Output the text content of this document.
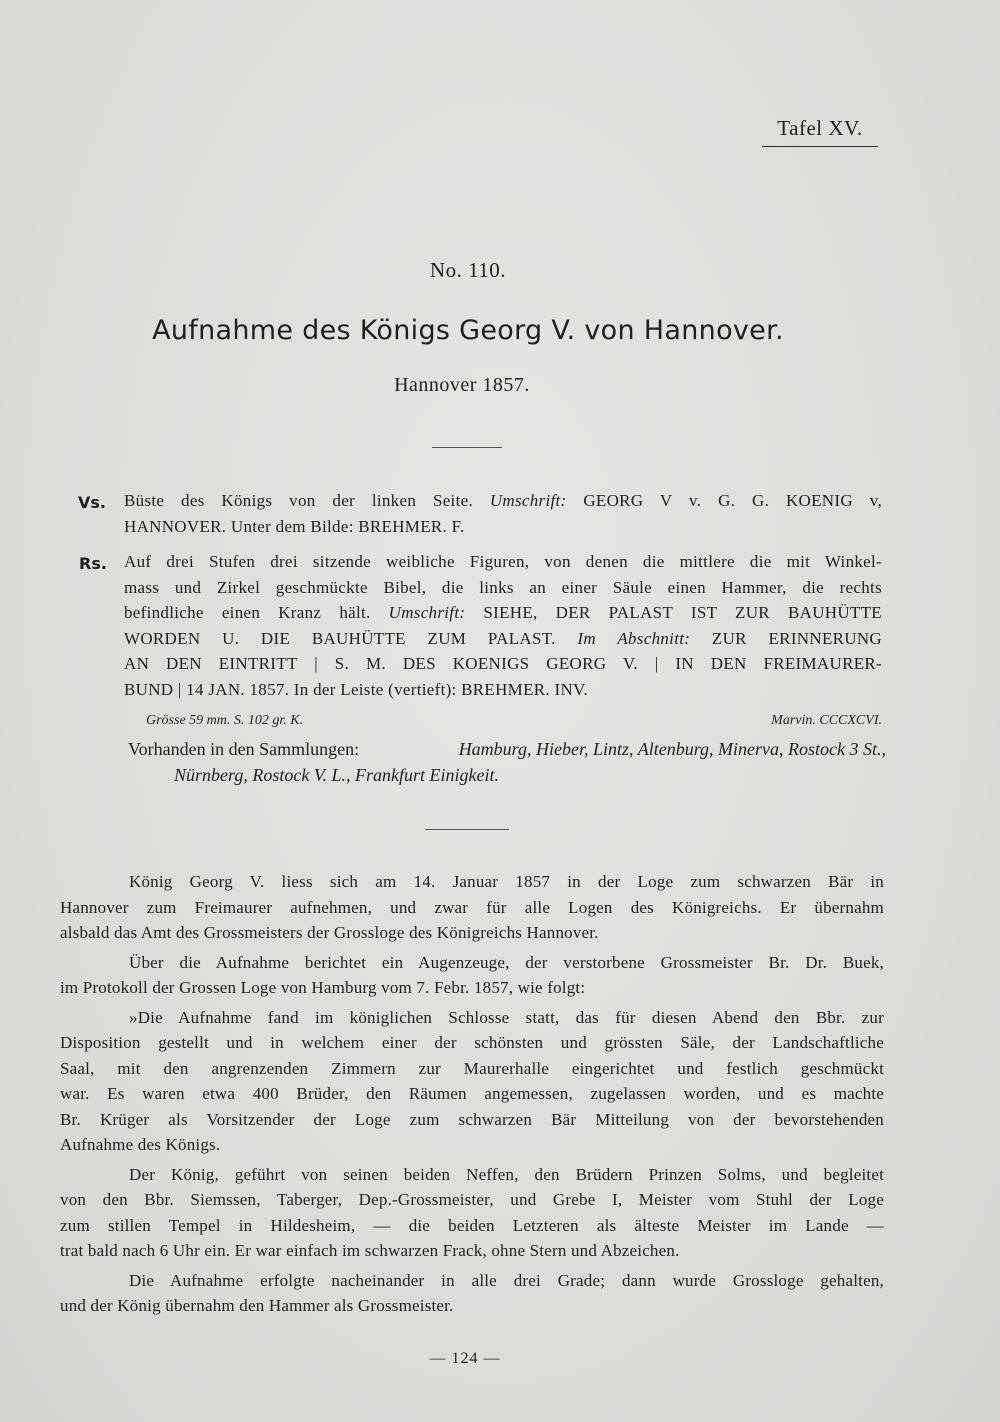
Tafel XV.
No. 110.
Aufnahme des Königs Georg V. von Hannover.
Hannover 1857.
Vs. Büste des Königs von der linken Seite. Umschrift: GEORG V v. G. G. KOENIG v,
HANNOVER. Unter dem Bilde: BREHMER. F.
Rs. Auf drei Stufen drei sitzende weibliche Figuren, von denen die mittlere die mit Winkel-
mass und Zirkel geschmückte Bibel, die links an einer Säule einen Hammer, die rechts
befindliche einen Kranz hält. Umschrift: SIEHE, DER PALAST IST ZUR BAUHÜTTE
WORDEN U. DIE BAUHÜTTE ZUM PALAST. Im Abschnitt: ZUR ERINNERUNG
AN DEN EINTRITT | S. M. DES KOENIGS GEORG V. | IN DEN FREIMAURER-
BUND | 14 JAN. 1857. In der Leiste (vertieft): BREHMER. INV.
Grösse 59 mm. S. 102 gr. K.	Marvin. CCCXCVI.
Vorhanden in den Sammlungen:	Hamburg, Hieber, Lintz, Altenburg, Minerva, Rostock 3 St.,
Nürnberg, Rostock V. L., Frankfurt Einigkeit.
König Georg V. liess sich am 14. Januar 1857 in der Loge zum schwarzen Bär in
Hannover zum Freimaurer aufnehmen, und zwar für alle Logen des Königreichs. Er übernahm
alsbald das Amt des Grossmeisters der Grossloge des Königreichs Hannover.
Über die Aufnahme berichtet ein Augenzeuge, der verstorbene Grossmeister Br. Dr. Buek,
im Protokoll der Grossen Loge von Hamburg vom 7. Febr. 1857, wie folgt:
»Die Aufnahme fand im königlichen Schlosse statt, das für diesen Abend den Bbr. zur
Disposition gestellt und in welchem einer der schönsten und grössten Säle, der Landschaftliche
Saal, mit den angrenzenden Zimmern zur Maurerhalle eingerichtet und festlich geschmückt
war. Es waren etwa 400 Brüder, den Räumen angemessen, zugelassen worden, und es machte
Br. Krüger als Vorsitzender der Loge zum schwarzen Bär Mitteilung von der bevorstehenden
Aufnahme des Königs.
Der König, geführt von seinen beiden Neffen, den Brüdern Prinzen Solms, und begleitet
von den Bbr. Siemssen, Taberger, Dep.-Grossmeister, und Grebe I, Meister vom Stuhl der Loge
zum stillen Tempel in Hildesheim, — die beiden Letzteren als älteste Meister im Lande —
trat bald nach 6 Uhr ein. Er war einfach im schwarzen Frack, ohne Stern und Abzeichen.
Die Aufnahme erfolgte nacheinander in alle drei Grade; dann wurde Grossloge gehalten,
und der König übernahm den Hammer als Grossmeister.
— 124 —
